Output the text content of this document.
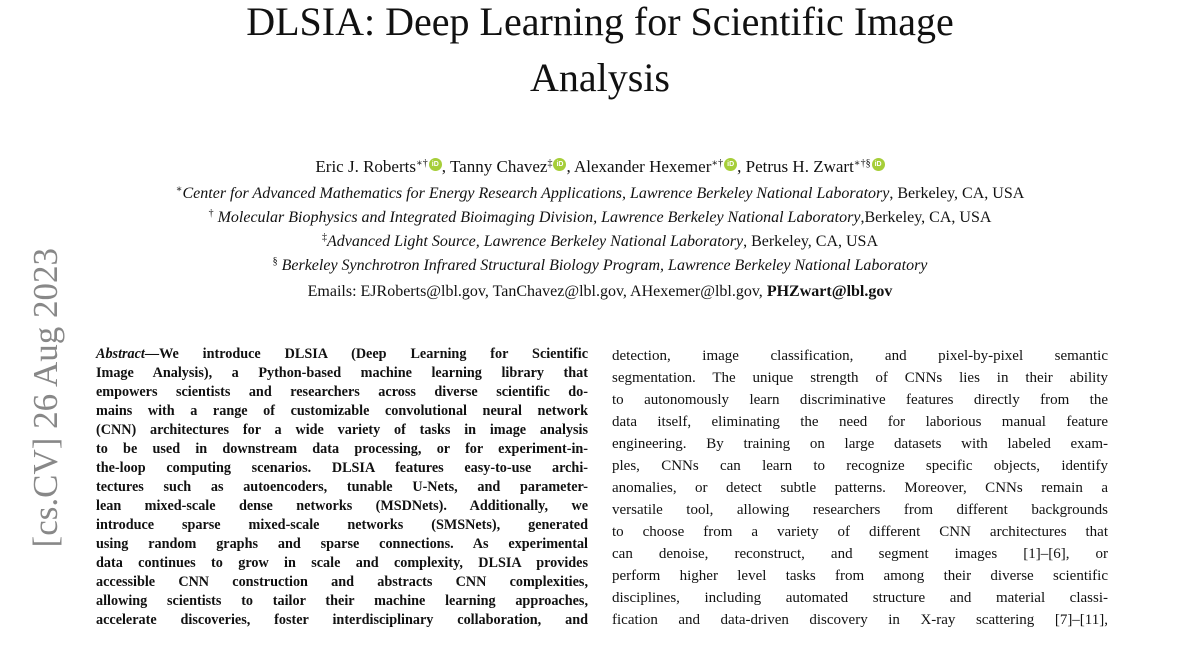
DLSIA: Deep Learning for Scientific Image
Analysis
Eric J. Roberts∗† iD , Tanny Chavez‡ iD , Alexander Hexemer∗† iD , Petrus H. Zwart∗†§ iD
∗Center for Advanced Mathematics for Energy Research Applications, Lawrence Berkeley National Laboratory, Berkeley, CA, USA
† Molecular Biophysics and Integrated Bioimaging Division, Lawrence Berkeley National Laboratory,Berkeley, CA, USA
‡Advanced Light Source, Lawrence Berkeley National Laboratory, Berkeley, CA, USA
§ Berkeley Synchrotron Infrared Structural Biology Program, Lawrence Berkeley National Laboratory
Emails: EJRoberts@lbl.gov, TanChavez@lbl.gov, AHexemer@lbl.gov, PHZwart@lbl.gov
[cs.CV] 26 Aug 2023 Abstract—We introduce DLSIA (Deep Learning for Scientific
Image Analysis), a Python-based machine learning library that
empowers scientists and researchers across diverse scientific do-
mains with a range of customizable convolutional neural network
(CNN) architectures for a wide variety of tasks in image analysis
to be used in downstream data processing, or for experiment-in-
the-loop computing scenarios. DLSIA features easy-to-use archi-
tectures such as autoencoders, tunable U-Nets, and parameter-
lean mixed-scale dense networks (MSDNets). Additionally, we
introduce sparse mixed-scale networks (SMSNets), generated
using random graphs and sparse connections. As experimental
data continues to grow in scale and complexity, DLSIA provides
accessible CNN construction and abstracts CNN complexities,
allowing scientists to tailor their machine learning approaches,
accelerate discoveries, foster interdisciplinary collaboration, and
detection, image classification, and pixel-by-pixel semantic
segmentation. The unique strength of CNNs lies in their ability
to autonomously learn discriminative features directly from the
data itself, eliminating the need for laborious manual feature
engineering. By training on large datasets with labeled exam-
ples, CNNs can learn to recognize specific objects, identify
anomalies, or detect subtle patterns. Moreover, CNNs remain a
versatile tool, allowing researchers from different backgrounds
to choose from a variety of different CNN architectures that
can denoise, reconstruct, and segment images [1]–[6], or
perform higher level tasks from among their diverse scientific
disciplines, including automated structure and material classi-
fication and data-driven discovery in X-ray scattering [7]–[11],
